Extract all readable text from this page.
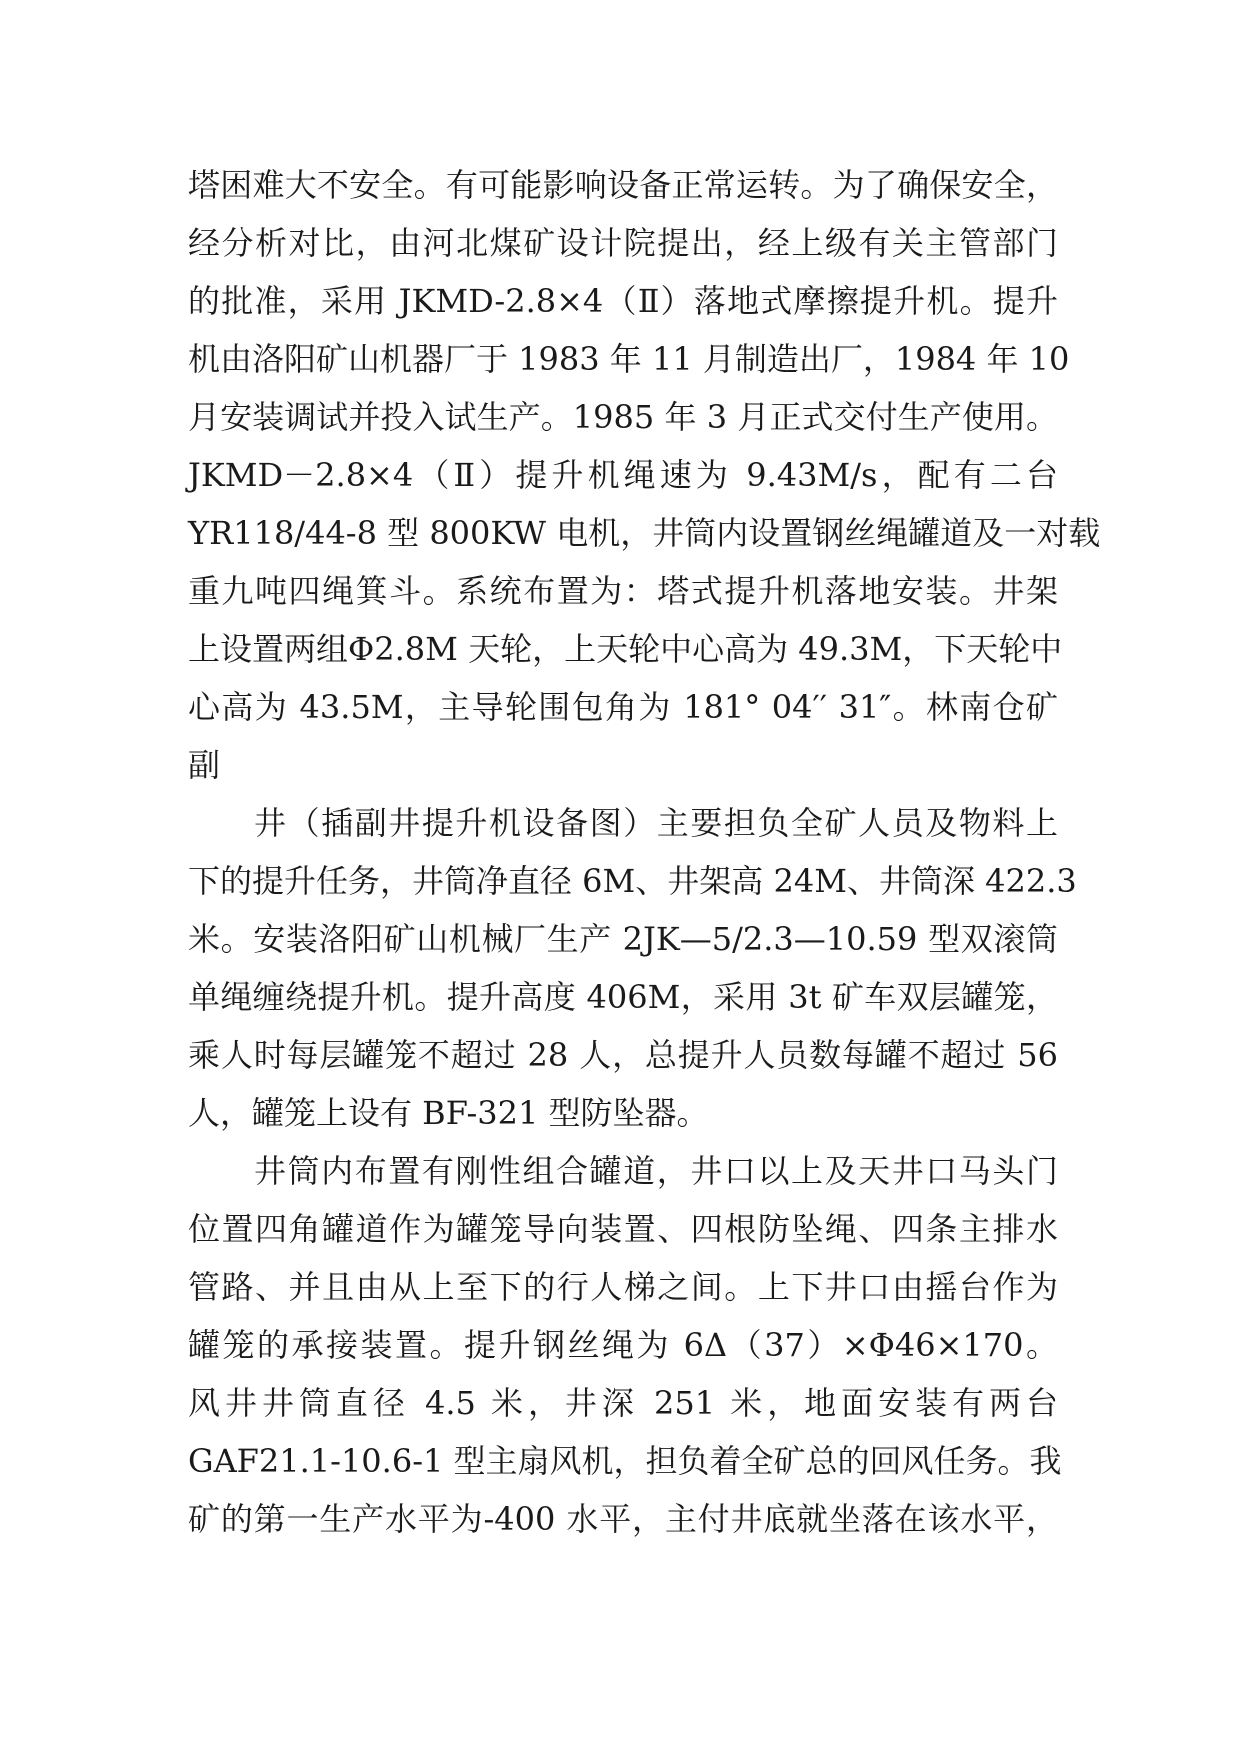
塔困难大不安全。有可能影响设备正常运转。为了确保安全，
经分析对比，由河北煤矿设计院提出，经上级有关主管部门
的批准，采用 JKMD-2.8×4（Ⅱ）落地式摩擦提升机。提升
机由洛阳矿山机器厂于 1983 年 11 月制造出厂，1984 年 10
月安装调试并投入试生产。1985 年 3 月正式交付生产使用。
JKMD－2.8×4（Ⅱ）提升机绳速为 9.43M/s，配有二台
YR118/44-8 型 800KW 电机，井筒内设置钢丝绳罐道及一对载
重九吨四绳箕斗。系统布置为：塔式提升机落地安装。井架
上设置两组Φ2.8M 天轮，上天轮中心高为 49.3M，下天轮中
心高为 43.5M，主导轮围包角为 181° 04′′ 31″。林南仓矿
副
井（插副井提升机设备图）主要担负全矿人员及物料上
下的提升任务，井筒净直径 6M、井架高 24M、井筒深 422.3
米。安装洛阳矿山机械厂生产 2JK—5/2.3—10.59 型双滚筒
单绳缠绕提升机。提升高度 406M，采用 3t 矿车双层罐笼，
乘人时每层罐笼不超过 28 人，总提升人员数每罐不超过 56
人，罐笼上设有 BF-321 型防坠器。
井筒内布置有刚性组合罐道，井口以上及天井口马头门
位置四角罐道作为罐笼导向装置、四根防坠绳、四条主排水
管路、并且由从上至下的行人梯之间。上下井口由摇台作为
罐笼的承接装置。提升钢丝绳为 6Δ（37）×Φ46×170。
风井井筒直径 4.5 米，井深 251 米，地面安装有两台
GAF21.1-10.6-1 型主扇风机，担负着全矿总的回风任务。我
矿的第一生产水平为-400 水平，主付井底就坐落在该水平，
